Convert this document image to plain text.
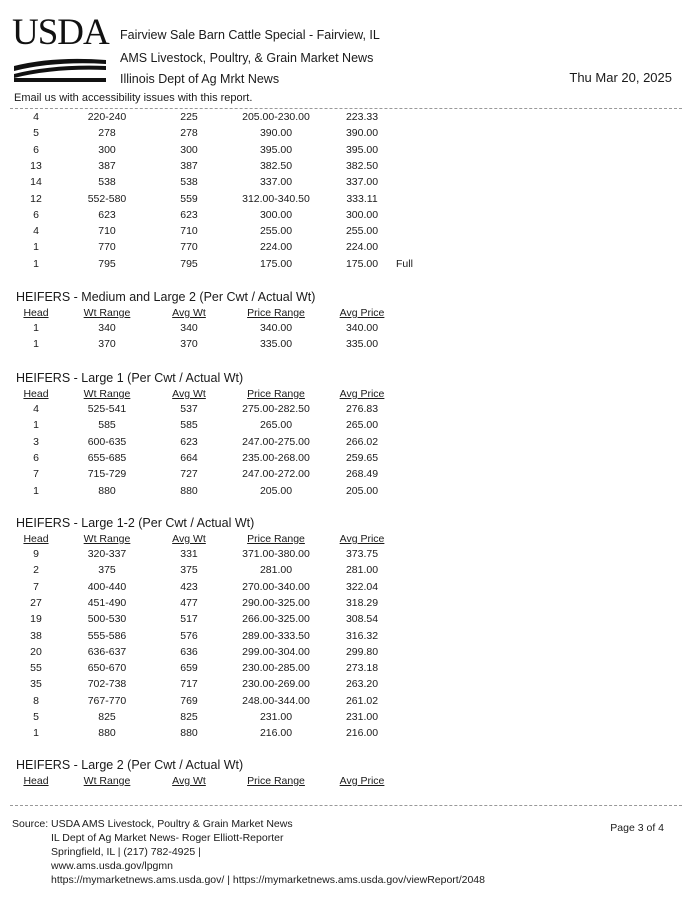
USDA Fairview Sale Barn Cattle Special - Fairview, IL
AMS Livestock, Poultry, & Grain Market News
Illinois Dept of Ag Mrkt News	Thu Mar 20, 2025
Email us with accessibility issues with this report.
4	220-240	225	205.00-230.00	223.33
5	278	278	390.00	390.00
6	300	300	395.00	395.00
13	387	387	382.50	382.50
14	538	538	337.00	337.00
12	552-580	559	312.00-340.50	333.11
6	623	623	300.00	300.00
4	710	710	255.00	255.00
1	770	770	224.00	224.00
1	795	795	175.00	175.00	Full
HEIFERS - Medium and Large 2 (Per Cwt / Actual Wt)
Head	Wt Range	Avg Wt	Price Range	Avg Price
1	340	340	340.00	340.00
1	370	370	335.00	335.00
HEIFERS - Large 1 (Per Cwt / Actual Wt)
Head	Wt Range	Avg Wt	Price Range	Avg Price
4	525-541	537	275.00-282.50	276.83
1	585	585	265.00	265.00
3	600-635	623	247.00-275.00	266.02
6	655-685	664	235.00-268.00	259.65
7	715-729	727	247.00-272.00	268.49
1	880	880	205.00	205.00
HEIFERS - Large 1-2 (Per Cwt / Actual Wt)
Head	Wt Range	Avg Wt	Price Range	Avg Price
9	320-337	331	371.00-380.00	373.75
2	375	375	281.00	281.00
7	400-440	423	270.00-340.00	322.04
27	451-490	477	290.00-325.00	318.29
19	500-530	517	266.00-325.00	308.54
38	555-586	576	289.00-333.50	316.32
20	636-637	636	299.00-304.00	299.80
55	650-670	659	230.00-285.00	273.18
35	702-738	717	230.00-269.00	263.20
8	767-770	769	248.00-344.00	261.02
5	825	825	231.00	231.00
1	880	880	216.00	216.00
HEIFERS - Large 2 (Per Cwt / Actual Wt)
Head	Wt Range	Avg Wt	Price Range	Avg Price
Source: USDA AMS Livestock, Poultry & Grain Market News
IL Dept of Ag Market News- Roger Elliott-Reporter
Springfield, IL | (217) 782-4925 |
www.ams.usda.gov/lpgmn
https://mymarketnews.ams.usda.gov/ | https://mymarketnews.ams.usda.gov/viewReport/2048
Page 3 of 4
